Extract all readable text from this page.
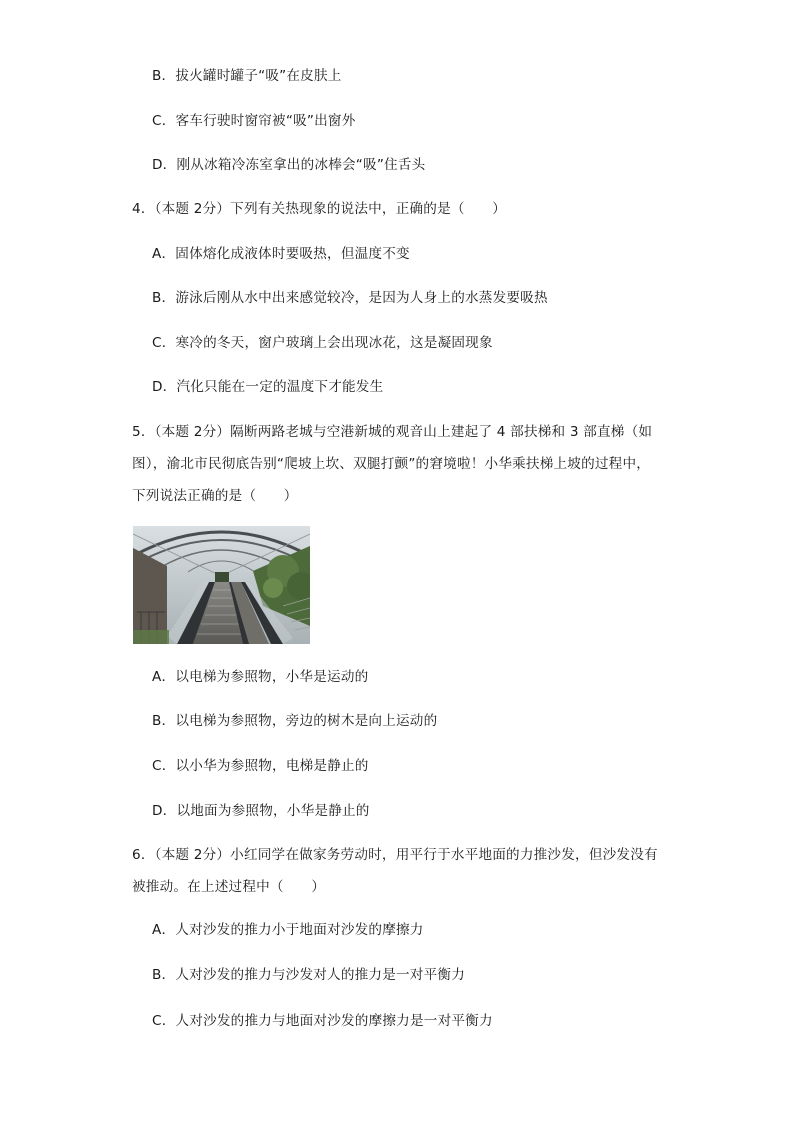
B．拔火罐时罐子“吸”在皮肤上
C．客车行驶时窗帘被“吸”出窗外
D．刚从冰箱冷冻室拿出的冰棒会“吸”住舌头
4．（本题 2分）下列有关热现象的说法中，正确的是（　　）
A．固体熔化成液体时要吸热，但温度不变
B．游泳后刚从水中出来感觉较冷，是因为人身上的水蒸发要吸热
C．寒冷的冬天，窗户玻璃上会出现冰花，这是凝固现象
D．汽化只能在一定的温度下才能发生
5．（本题 2分）隔断两路老城与空港新城的观音山上建起了 4 部扶梯和 3 部直梯（如
图），渝北市民彻底告别“爬坡上坎、双腿打颤”的窘境啦！小华乘扶梯上坡的过程中，
下列说法正确的是（　　）
A．以电梯为参照物，小华是运动的
B．以电梯为参照物，旁边的树木是向上运动的
C．以小华为参照物，电梯是静止的
D．以地面为参照物，小华是静止的
6．（本题 2分）小红同学在做家务劳动时，用平行于水平地面的力推沙发，但沙发没有
被推动。在上述过程中（　　）
A．人对沙发的推力小于地面对沙发的摩擦力
B．人对沙发的推力与沙发对人的推力是一对平衡力
C．人对沙发的推力与地面对沙发的摩擦力是一对平衡力
